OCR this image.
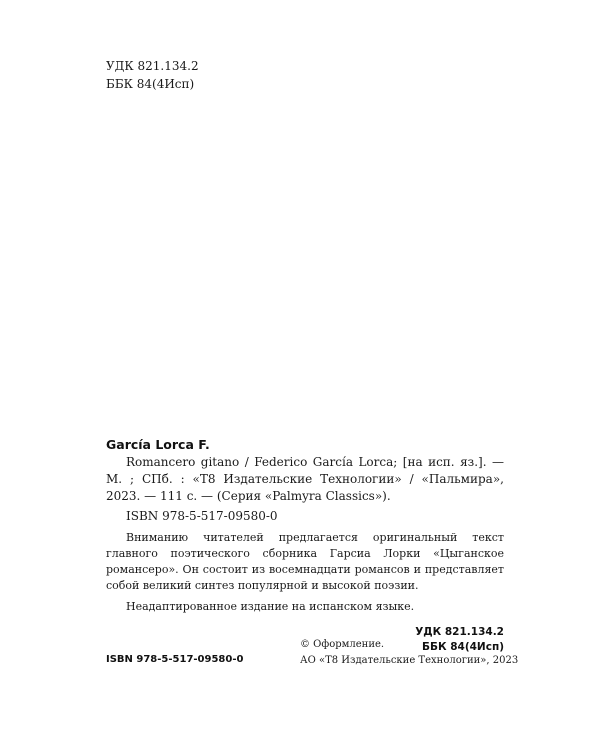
УДК 821.134.2
ББК 84(4Исп)
García Lorca F.

Romancero gitano / Federico García Lorca; [на исп. яз.]. — М. ; СПб. : «Т8 Издательские Технологии» / «Пальмира», 2023. — 111 с. — (Серия «Palmyra Classics»).

ISBN 978-5-517-09580-0

Вниманию читателей предлагается оригинальный текст главного поэтического сборника Гарсиа Лорки «Цыганское романсеро». Он состоит из восемнадцати романсов и представляет собой великий синтез популярной и высокой поэзии.

Неадаптированное издание на испанском языке.
УДК 821.134.2
ББК 84(4Исп)
ISBN 978-5-517-09580-0
© Оформление.
АО «Т8 Издательские Технологии», 2023
